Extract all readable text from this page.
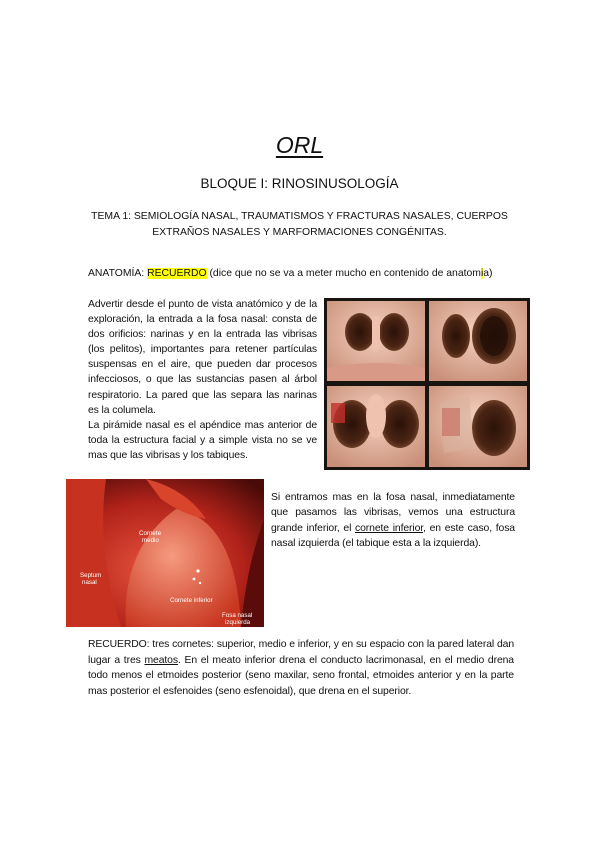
ORL
BLOQUE I: RINOSINUSOLOGÍA
TEMA 1: SEMIOLOGÍA NASAL, TRAUMATISMOS Y FRACTURAS NASALES, CUERPOS
EXTRAÑOS NASALES Y MARFORMACIONES CONGÉNITAS.
ANATOMÍA: RECUERDO (dice que no se va a meter mucho en contenido de anatomia)

Advertir desde el punto de vista anatómico y de la exploración, la entrada a la fosa nasal: consta de dos orificios: narinas y en la entrada las vibrisas (los pelitos), importantes para retener partículas suspensas en el aire, que pueden dar procesos infecciosos, o que las sustancias pasen al árbol respiratorio. La pared que las separa las narinas es la columela.

La pirámide nasal es el apéndice mas anterior de toda la estructura facial y a simple vista no se ve mas que las vibrisas y los tabiques.

Cornete
medio
Septum
nasal
Cornete inferior
Fosa nasal
izquierda
Si entramos mas en la fosa nasal, inmediatamente que pasamos las vibrisas, vemos una estructura grande inferior, el cornete inferior, en este caso, fosa nasal izquierda (el tabique esta a la izquierda).
RECUERDO: tres cornetes: superior, medio e inferior, y en su espacio con la pared lateral dan lugar a tres meatos. En el meato inferior drena el conducto lacrimonasal, en el medio drena todo menos el etmoides posterior (seno maxilar, seno frontal, etmoides anterior y en la parte mas posterior el esfenoides (seno esfenoidal), que drena en el superior.
